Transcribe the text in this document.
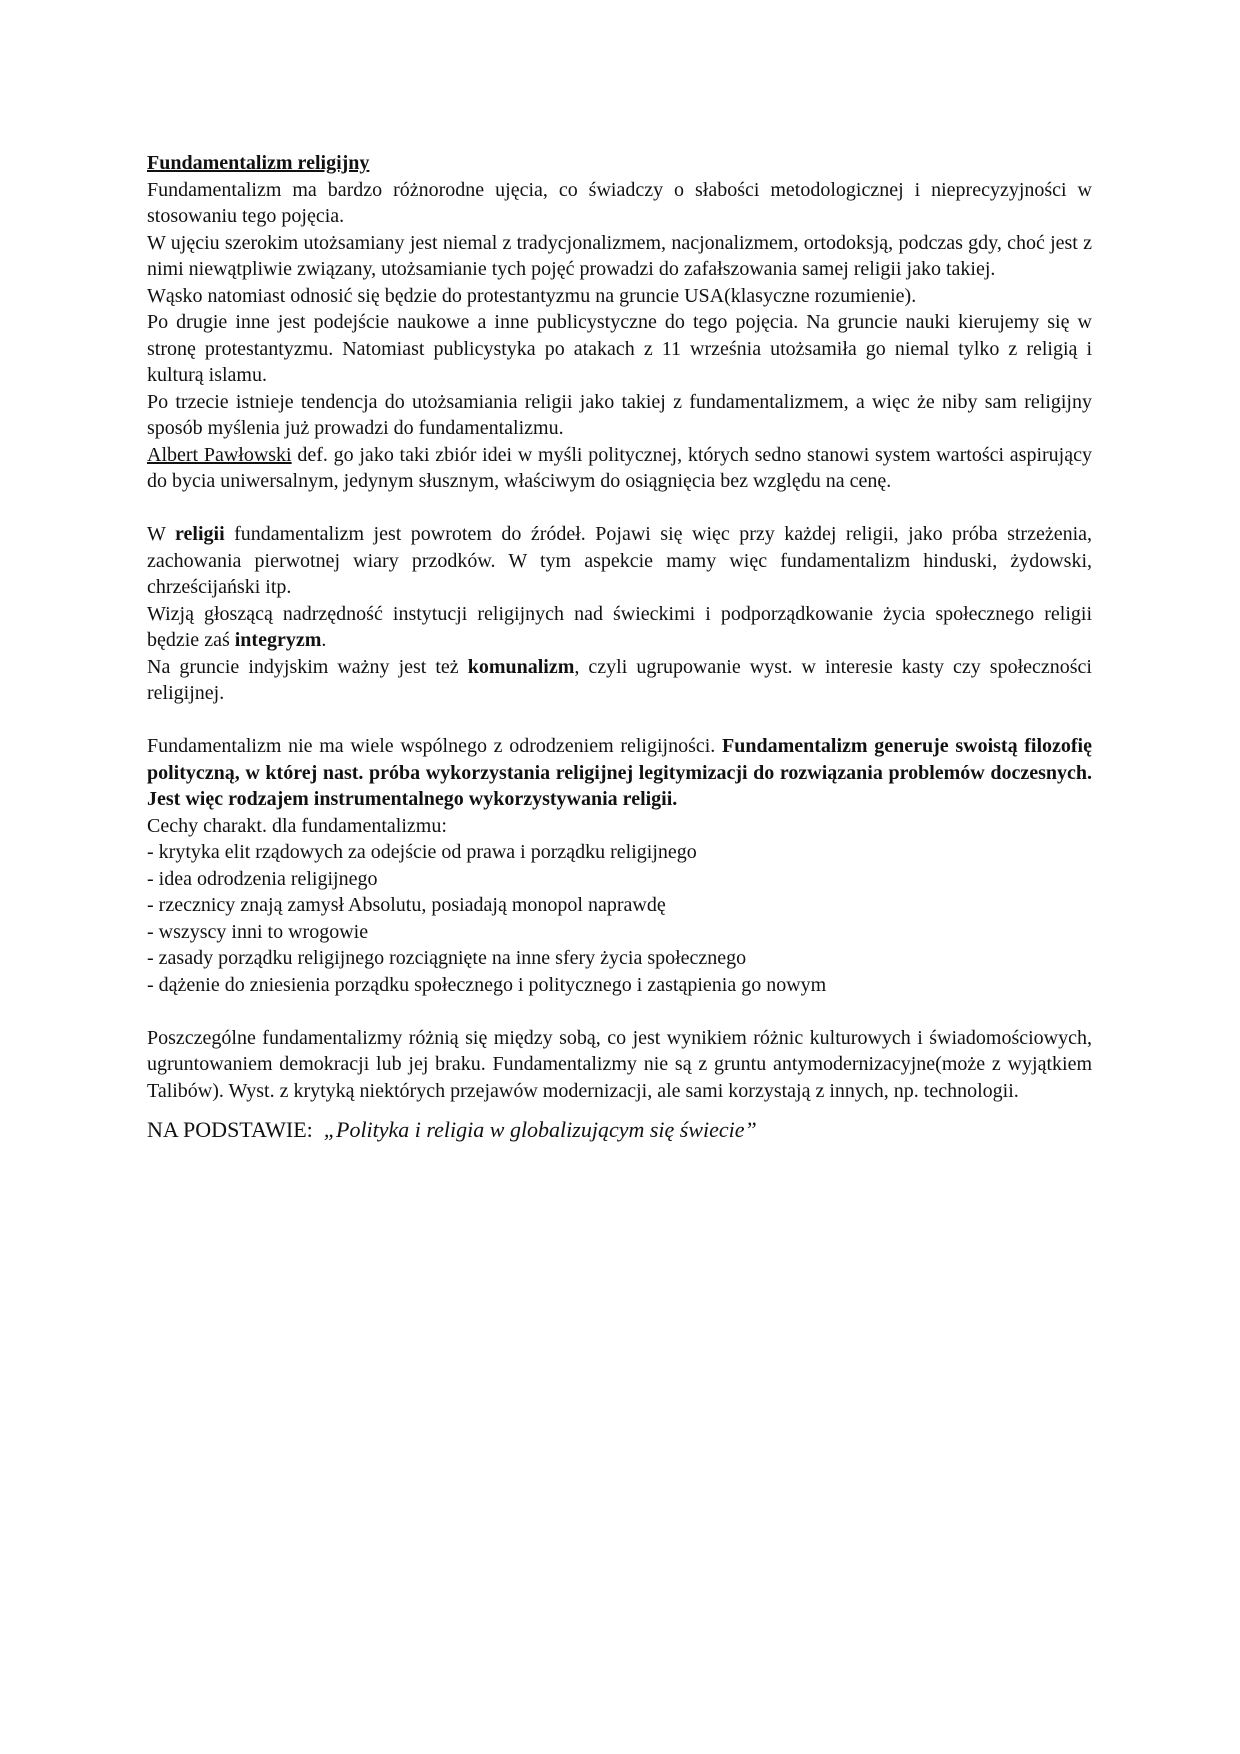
Fundamentalizm religijny

Fundamentalizm ma bardzo różnorodne ujęcia, co świadczy o słabości metodologicznej i nieprecyzyjności w stosowaniu tego pojęcia.

W ujęciu szerokim utożsamiany jest niemal z tradycjonalizmem, nacjonalizmem, ortodoksją, podczas gdy, choć jest z nimi niewątpliwie związany, utożsamianie tych pojęć prowadzi do zafałszowania samej religii jako takiej.

Wąsko natomiast odnosić się będzie do protestantyzmu na gruncie USA(klasyczne rozumienie).

Po drugie inne jest podejście naukowe a inne publicystyczne do tego pojęcia. Na gruncie nauki kierujemy się w stronę protestantyzmu. Natomiast publicystyka po atakach z 11 września utożsamiła go niemal tylko z religią i kulturą islamu.

Po trzecie istnieje tendencja do utożsamiania religii jako takiej z fundamentalizmem, a więc że niby sam religijny sposób myślenia już prowadzi do fundamentalizmu.

Albert Pawłowski def. go jako taki zbiór idei w myśli politycznej, których sedno stanowi system wartości aspirujący do bycia uniwersalnym, jedynym słusznym, właściwym do osiągnięcia bez względu na cenę.

W religii fundamentalizm jest powrotem do źródeł. Pojawi się więc przy każdej religii, jako próba strzeżenia, zachowania pierwotnej wiary przodków. W tym aspekcie mamy więc fundamentalizm hinduski, żydowski, chrześcijański itp.

Wizją głoszącą nadrzędność instytucji religijnych nad świeckimi i podporządkowanie życia społecznego religii będzie zaś integryzm.

Na gruncie indyjskim ważny jest też komunalizm, czyli ugrupowanie wyst. w interesie kasty czy społeczności religijnej.

Fundamentalizm nie ma wiele wspólnego z odrodzeniem religijności. Fundamentalizm generuje swoistą filozofię polityczną, w której nast. próba wykorzystania religijnej legitymizacji do rozwiązania problemów doczesnych. Jest więc rodzajem instrumentalnego wykorzystywania religii.

Cechy charakt. dla fundamentalizmu:

- krytyka elit rządowych za odejście od prawa i porządku religijnego
- idea odrodzenia religijnego
- rzecznicy znają zamysł Absolutu, posiadają monopol naprawdę
- wszyscy inni to wrogowie
- zasady porządku religijnego rozciągnięte na inne sfery życia społecznego
- dążenie do zniesienia porządku społecznego i politycznego i zastąpienia go nowym

Poszczególne fundamentalizmy różnią się między sobą, co jest wynikiem różnic kulturowych i świadomościowych, ugruntowaniem demokracji lub jej braku. Fundamentalizmy nie są z gruntu antymodernizacyjne(może z wyjątkiem Talibów). Wyst. z krytyką niektórych przejawów modernizacji, ale sami korzystają z innych, np. technologii.

NA PODSTAWIE: „Polityka i religia w globalizującym się świecie”
